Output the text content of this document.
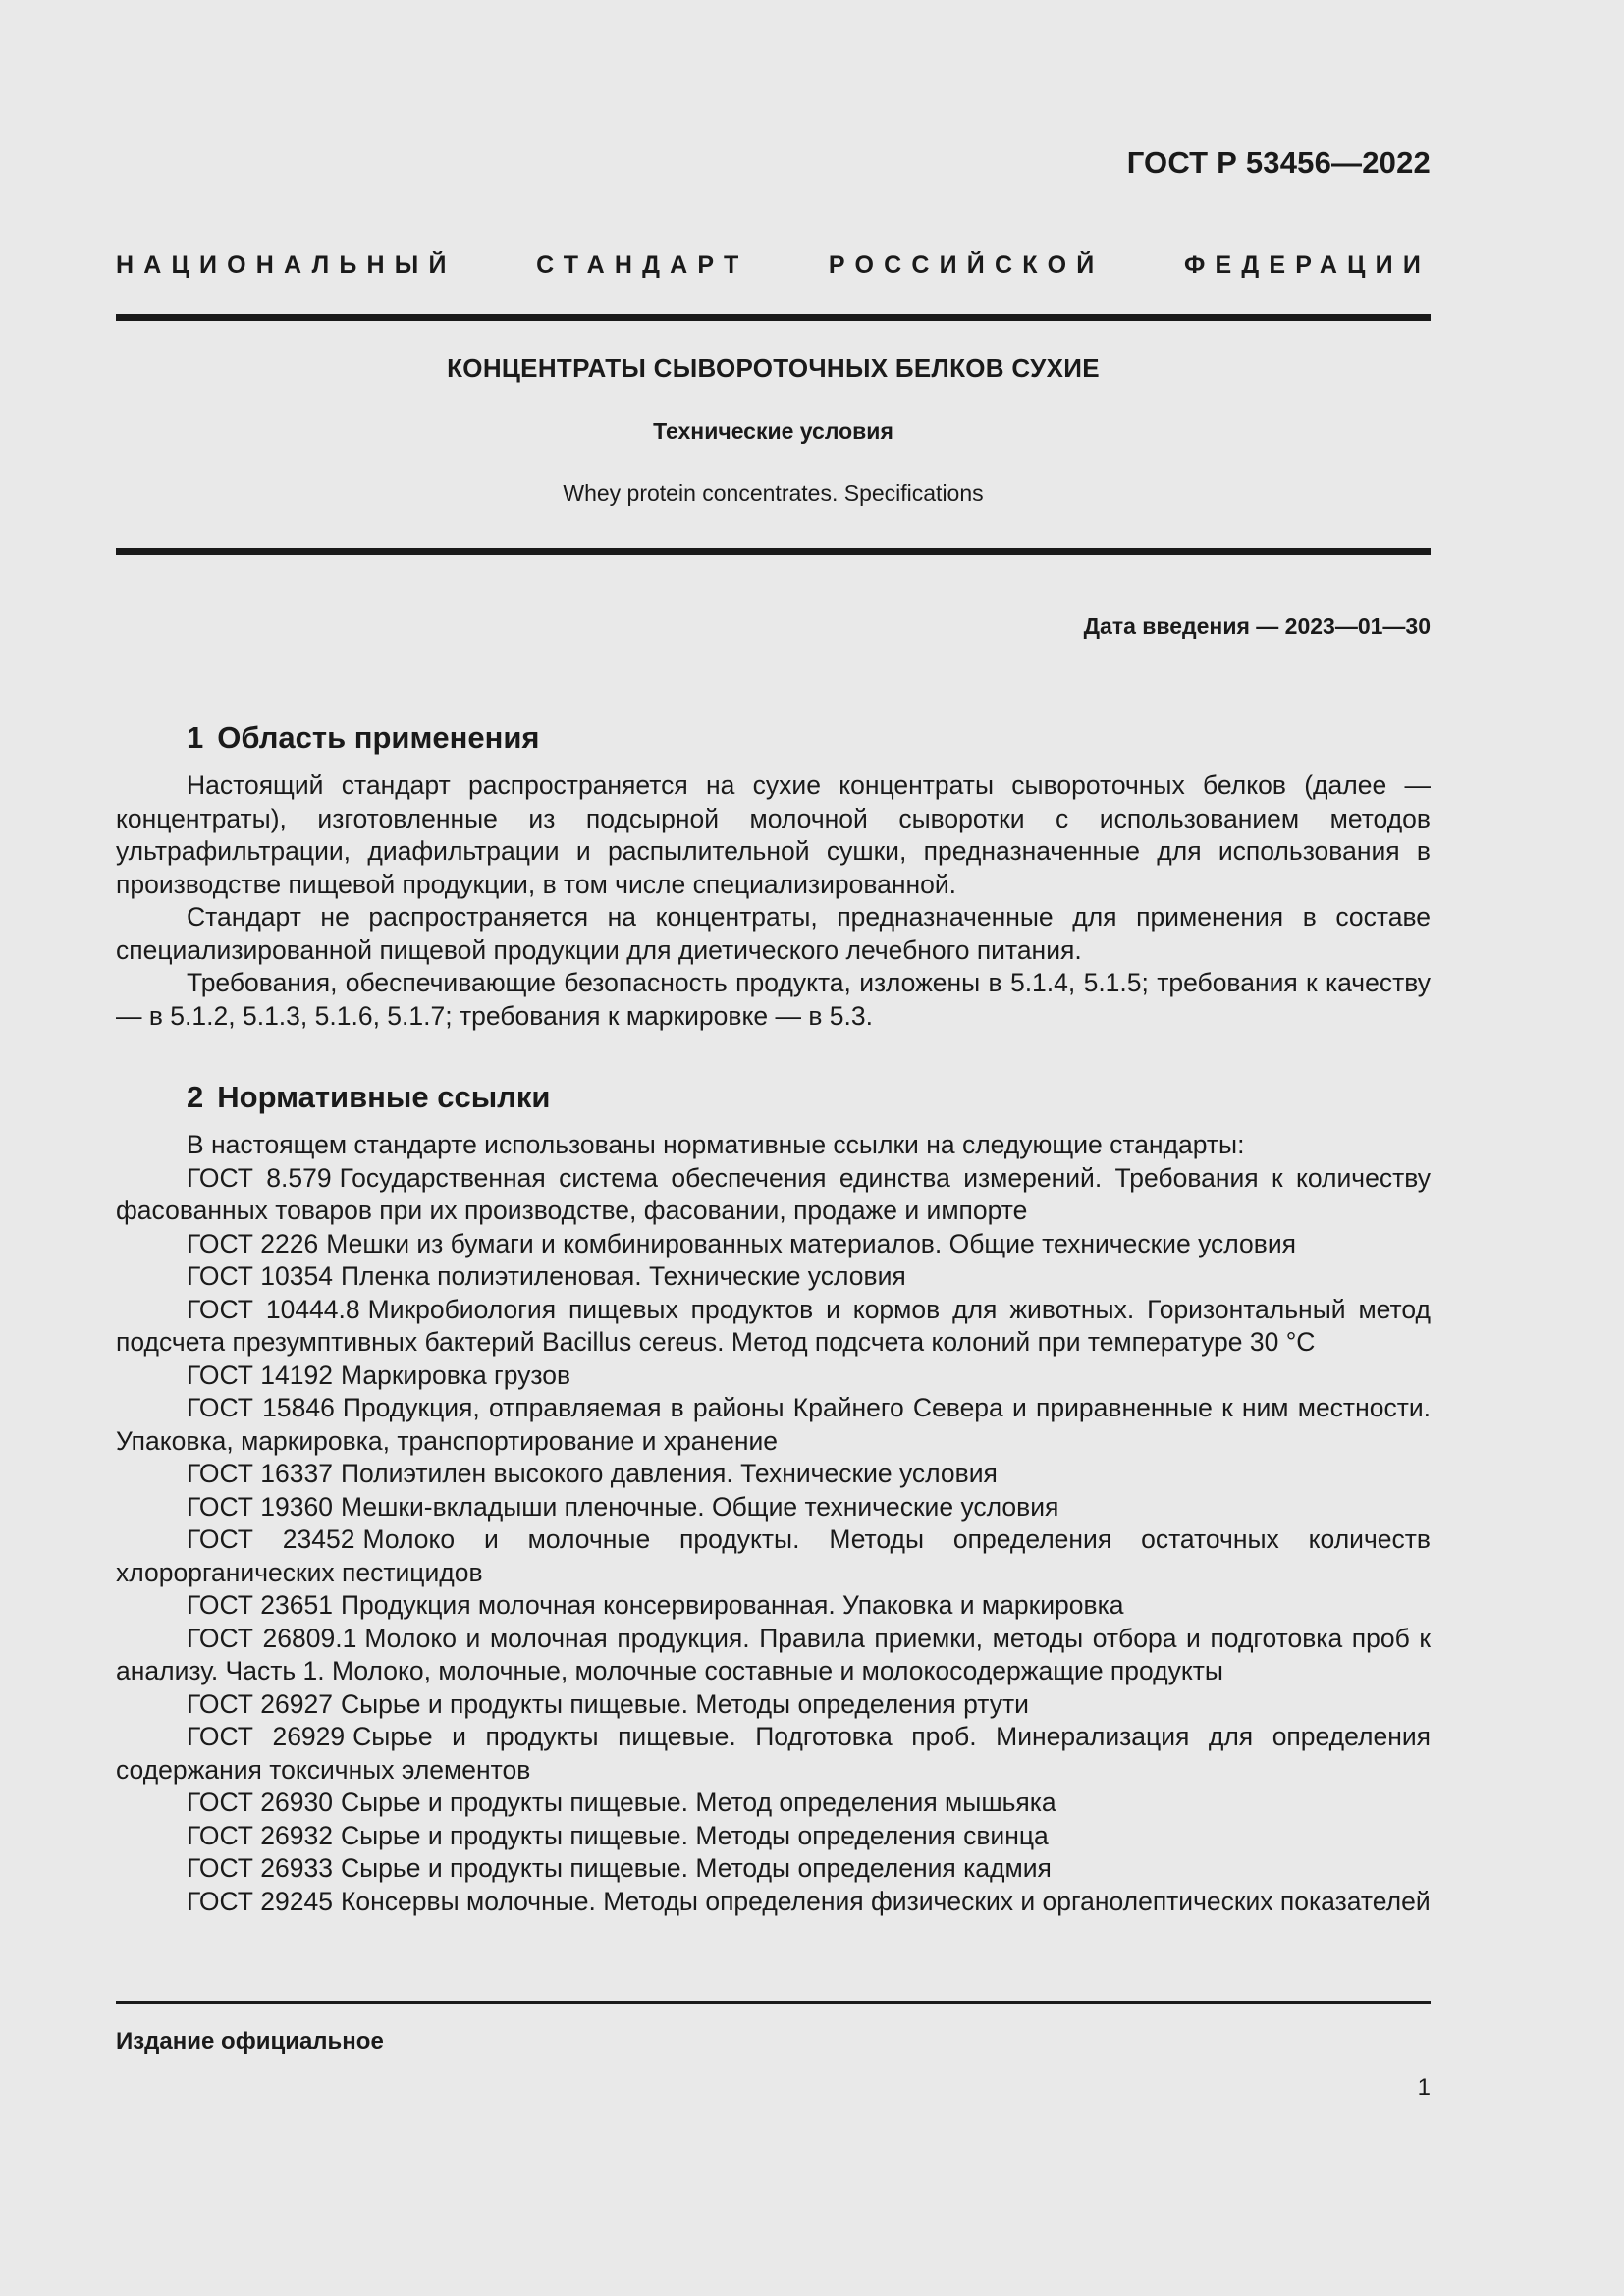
ГОСТ Р 53456—2022
НАЦИОНАЛЬНЫЙ СТАНДАРТ РОССИЙСКОЙ ФЕДЕРАЦИИ
КОНЦЕНТРАТЫ СЫВОРОТОЧНЫХ БЕЛКОВ СУХИЕ
Технические условия
Whey protein concentrates. Specifications
Дата введения — 2023—01—30
1 Область применения

Настоящий стандарт распространяется на сухие концентраты сывороточных белков (далее — концентраты), изготовленные из подсырной молочной сыворотки с использованием методов ультрафильтрации, диафильтрации и распылительной сушки, предназначенные для использования в производстве пищевой продукции, в том числе специализированной.

Стандарт не распространяется на концентраты, предназначенные для применения в составе специализированной пищевой продукции для диетического лечебного питания.

Требования, обеспечивающие безопасность продукта, изложены в 5.1.4, 5.1.5; требования к качеству — в 5.1.2, 5.1.3, 5.1.6, 5.1.7; требования к маркировке — в 5.3.

2 Нормативные ссылки

В настоящем стандарте использованы нормативные ссылки на следующие стандарты:

ГОСТ 8.579 Государственная система обеспечения единства измерений. Требования к количеству фасованных товаров при их производстве, фасовании, продаже и импорте

ГОСТ 2226 Мешки из бумаги и комбинированных материалов. Общие технические условия

ГОСТ 10354 Пленка полиэтиленовая. Технические условия

ГОСТ 10444.8 Микробиология пищевых продуктов и кормов для животных. Горизонтальный метод подсчета презумптивных бактерий Bacillus cereus. Метод подсчета колоний при температуре 30 °C

ГОСТ 14192 Маркировка грузов

ГОСТ 15846 Продукция, отправляемая в районы Крайнего Севера и приравненные к ним местности. Упаковка, маркировка, транспортирование и хранение

ГОСТ 16337 Полиэтилен высокого давления. Технические условия

ГОСТ 19360 Мешки-вкладыши пленочные. Общие технические условия

ГОСТ 23452 Молоко и молочные продукты. Методы определения остаточных количеств хлорорганических пестицидов

ГОСТ 23651 Продукция молочная консервированная. Упаковка и маркировка

ГОСТ 26809.1 Молоко и молочная продукция. Правила приемки, методы отбора и подготовка проб к анализу. Часть 1. Молоко, молочные, молочные составные и молокосодержащие продукты

ГОСТ 26927 Сырье и продукты пищевые. Методы определения ртути

ГОСТ 26929 Сырье и продукты пищевые. Подготовка проб. Минерализация для определения содержания токсичных элементов

ГОСТ 26930 Сырье и продукты пищевые. Метод определения мышьяка

ГОСТ 26932 Сырье и продукты пищевые. Методы определения свинца

ГОСТ 26933 Сырье и продукты пищевые. Методы определения кадмия

ГОСТ 29245 Консервы молочные. Методы определения физических и органолептических показателей

Издание официальное
1
